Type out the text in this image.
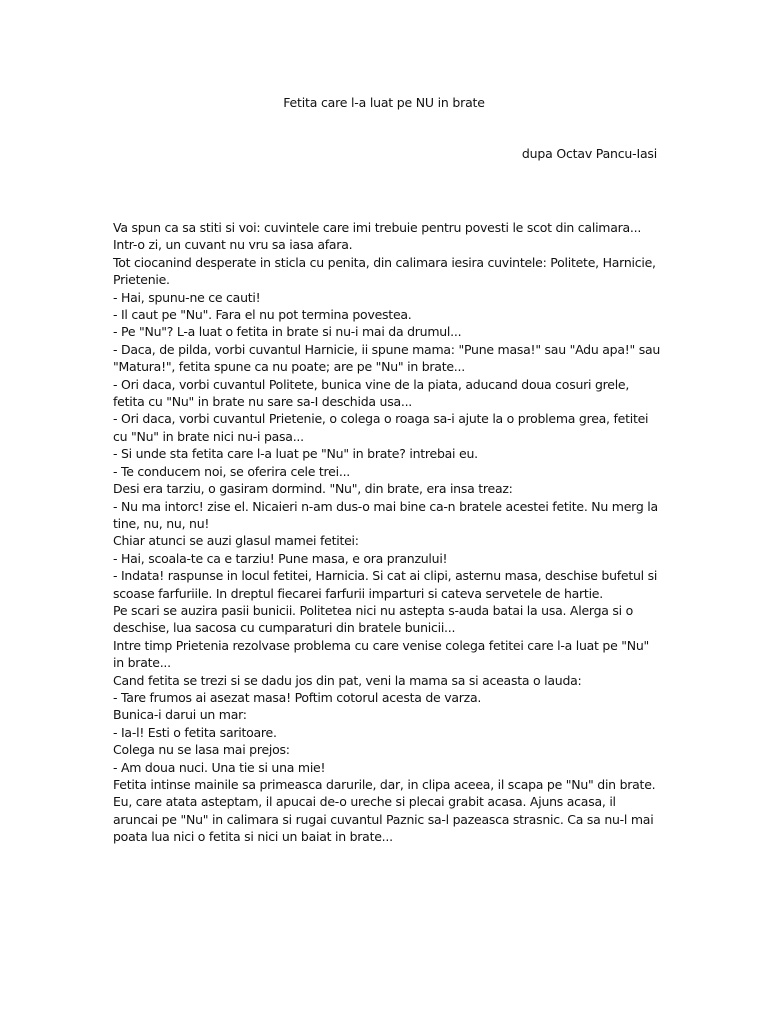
Fetita care l-a luat pe NU in brate
dupa Octav Pancu-Iasi

Va spun ca sa stiti si voi: cuvintele care imi trebuie pentru povesti le scot din calimara...

Intr-o zi, un cuvant nu vru sa iasa afara.

Tot ciocanind desperate in sticla cu penita, din calimara iesira cuvintele: Politete, Harnicie, Prietenie.

- Hai, spunu-ne ce cauti!

- Il caut pe "Nu". Fara el nu pot termina povestea.

- Pe "Nu"? L-a luat o fetita in brate si nu-i mai da drumul...

- Daca, de pilda, vorbi cuvantul Harnicie, ii spune mama: "Pune masa!" sau "Adu apa!" sau "Matura!", fetita spune ca nu poate; are pe "Nu" in brate...

- Ori daca, vorbi cuvantul Politete, bunica vine de la piata, aducand doua cosuri grele, fetita cu "Nu" in brate nu sare sa-I deschida usa...

- Ori daca, vorbi cuvantul Prietenie, o colega o roaga sa-i ajute la o problema grea, fetitei cu "Nu" in brate nici nu-i pasa...

- Si unde sta fetita care l-a luat pe "Nu" in brate? intrebai eu.

- Te conducem noi, se oferira cele trei...

Desi era tarziu, o gasiram dormind. "Nu", din brate, era insa treaz:

- Nu ma intorc! zise el. Nicaieri n-am dus-o mai bine ca-n bratele acestei fetite. Nu merg la tine, nu, nu, nu!

Chiar atunci se auzi glasul mamei fetitei:

- Hai, scoala-te ca e tarziu! Pune masa, e ora pranzului!

- Indata! raspunse in locul fetitei, Harnicia. Si cat ai clipi, asternu masa, deschise bufetul si scoase farfuriile. In dreptul fiecarei farfurii imparturi si cateva servetele de hartie.

Pe scari se auzira pasii bunicii. Politetea nici nu astepta s-auda batai la usa. Alerga si o deschise, lua sacosa cu cumparaturi din bratele bunicii...

Intre timp Prietenia rezolvase problema cu care venise colega fetitei care l-a luat pe "Nu" in brate...

Cand fetita se trezi si se dadu jos din pat, veni la mama sa si aceasta o lauda:

- Tare frumos ai asezat masa! Poftim cotorul acesta de varza.

Bunica-i darui un mar:

- Ia-l! Esti o fetita saritoare.

Colega nu se lasa mai prejos:

- Am doua nuci. Una tie si una mie!

Fetita intinse mainile sa primeasca darurile, dar, in clipa aceea, il scapa pe "Nu" din brate.

Eu, care atata asteptam, il apucai de-o ureche si plecai grabit acasa. Ajuns acasa, il aruncai pe "Nu" in calimara si rugai cuvantul Paznic sa-l pazeasca strasnic. Ca sa nu-l mai poata lua nici o fetita si nici un baiat in brate...
